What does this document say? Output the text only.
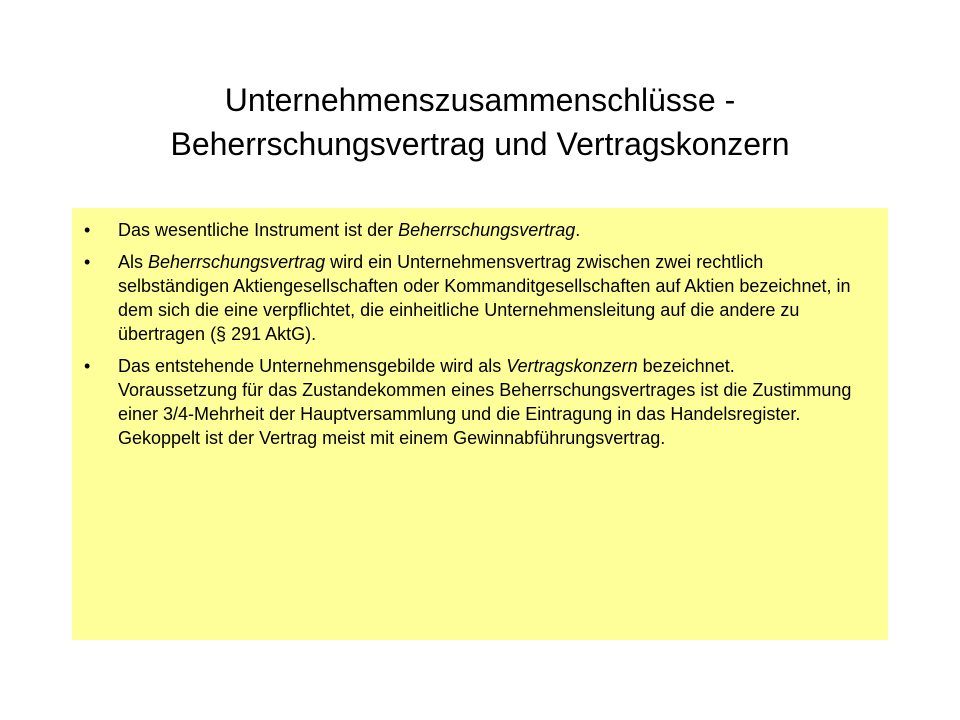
Unternehmenszusammenschlüsse -
Beherrschungsvertrag und Vertragskonzern
• Das wesentliche Instrument ist der Beherrschungsvertrag.
• Als Beherrschungsvertrag wird ein Unternehmensvertrag zwischen zwei rechtlich selbständigen Aktiengesellschaften oder Kommanditgesellschaften auf Aktien bezeichnet, in dem sich die eine verpflichtet, die einheitliche Unternehmensleitung auf die andere zu übertragen (§ 291 AktG).
• Das entstehende Unternehmensgebilde wird als Vertragskonzern bezeichnet. Voraussetzung für das Zustandekommen eines Beherrschungsvertrages ist die Zustimmung einer 3/4-Mehrheit der Hauptversammlung und die Eintragung in das Handelsregister. Gekoppelt ist der Vertrag meist mit einem Gewinnabführungsvertrag.
